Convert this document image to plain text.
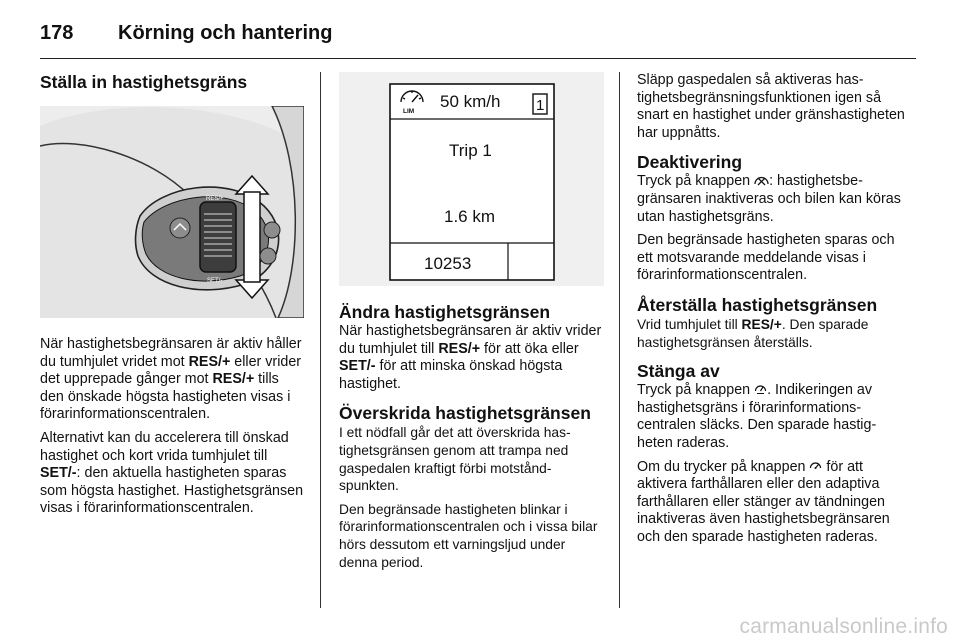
178 Körning och hantering
Ställa in hastighetsgräns
RES/+
SET/-

När hastighetsbegränsaren är aktiv håller du tumhjulet vridet mot RES/+ eller vrider det upprepade gånger mot RES/+ tills den önskade högsta hastigheten visas i förarinformationscentralen.

Alternativt kan du accelerera till önskad hastighet och kort vrida tumhjulet till SET/-: den aktuella hastigheten sparas som högsta hastighet. Hastighetsgränsen visas i förarinformationscentralen.

LIM
50 km/h 1
Trip 1
1.6 km
10253
Ändra hastighetsgränsen

När hastighetsbegränsaren är aktiv vrider du tumhjulet till RES/+ för att öka eller SET/- för att minska önskad högsta hastighet.

Överskrida hastighetsgränsen

I ett nödfall går det att överskrida hastighetsgränsen genom att trampa ned gaspedalen kraftigt förbi motståndspunkten.

Den begränsade hastigheten blinkar i förarinformationscentralen och i vissa bilar hörs dessutom ett varningsljud under denna period.

Släpp gaspedalen så aktiveras hastighetsbegränsningsfunktionen igen så snart en hastighet under gränshastigheten har uppnåtts.

Deaktivering

Tryck på knappen : hastighetsbegränsaren inaktiveras och bilen kan köras utan hastighetsgräns.

Den begränsade hastigheten sparas och ett motsvarande meddelande visas i förarinformationscentralen.

Återställa hastighetsgränsen

Vrid tumhjulet till RES/+. Den sparade hastighetsgränsen återställs.

Stänga av

Tryck på knappen . Indikeringen av hastighetsgräns i förarinformationscentralen släcks. Den sparade hastigheten raderas.

Om du trycker på knappen  för att aktivera farthållaren eller den adaptiva farthållaren eller stänger av tändningen inaktiveras även hastighetsbegränsaren och den sparade hastigheten raderas.

carmanualsonline.info
